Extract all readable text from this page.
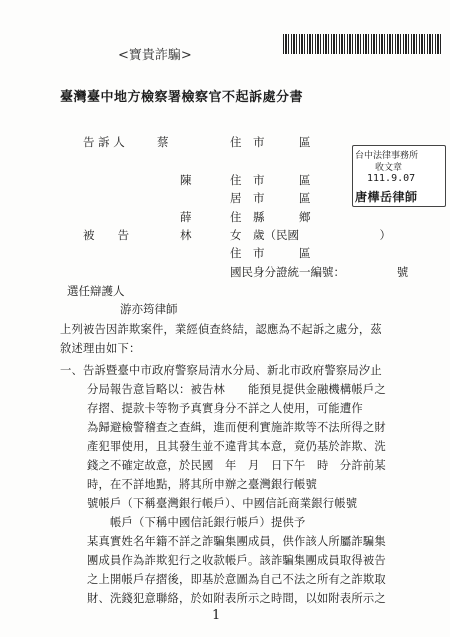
<寶貴詐騙>
臺灣臺中地方檢察署檢察官不起訴處分書
告 訴 人	蔡	住　市　　　區
陳	住　市　　　區
居　市　　　區
薛	住　縣　　　鄉
被　　告	林	女　歲（民國　　　　　　　）
住　市　　　區
國民身分證統一編號：　　　　　號
選任辯護人
游亦筠律師
台中法律事務所
收文章
111.9.07
唐樺岳律師
上列被告因詐欺案件，業經偵查終結，認應為不起訴之處分，茲
敘述理由如下：
一、告訴暨臺中市政府警察局清水分局、新北市政府警察局汐止
分局報告意旨略以：被告林　　能預見提供金融機構帳戶之
存摺、提款卡等物予真實身分不詳之人使用，可能遭作
為歸避檢警稽查之查緝，進而便利實施詐欺等不法所得之財
產犯罪使用，且其發生並不違背其本意，竟仍基於詐欺、洗
錢之不確定故意，於民國　年　月　日下午　時　分許前某
時，在不詳地點，將其所申辦之臺灣銀行帳號
號帳戶（下稱臺灣銀行帳戶）、中國信託商業銀行帳號
　　帳戶（下稱中國信託銀行帳戶）提供予
某真實姓名年籍不詳之詐騙集團成員，供作該人所屬詐騙集
團成員作為詐欺犯行之收款帳戶。該詐騙集團成員取得被告
之上開帳戶存摺後，即基於意圖為自己不法之所有之詐欺取
財、洗錢犯意聯絡，於如附表所示之時間，以如附表所示之
1
